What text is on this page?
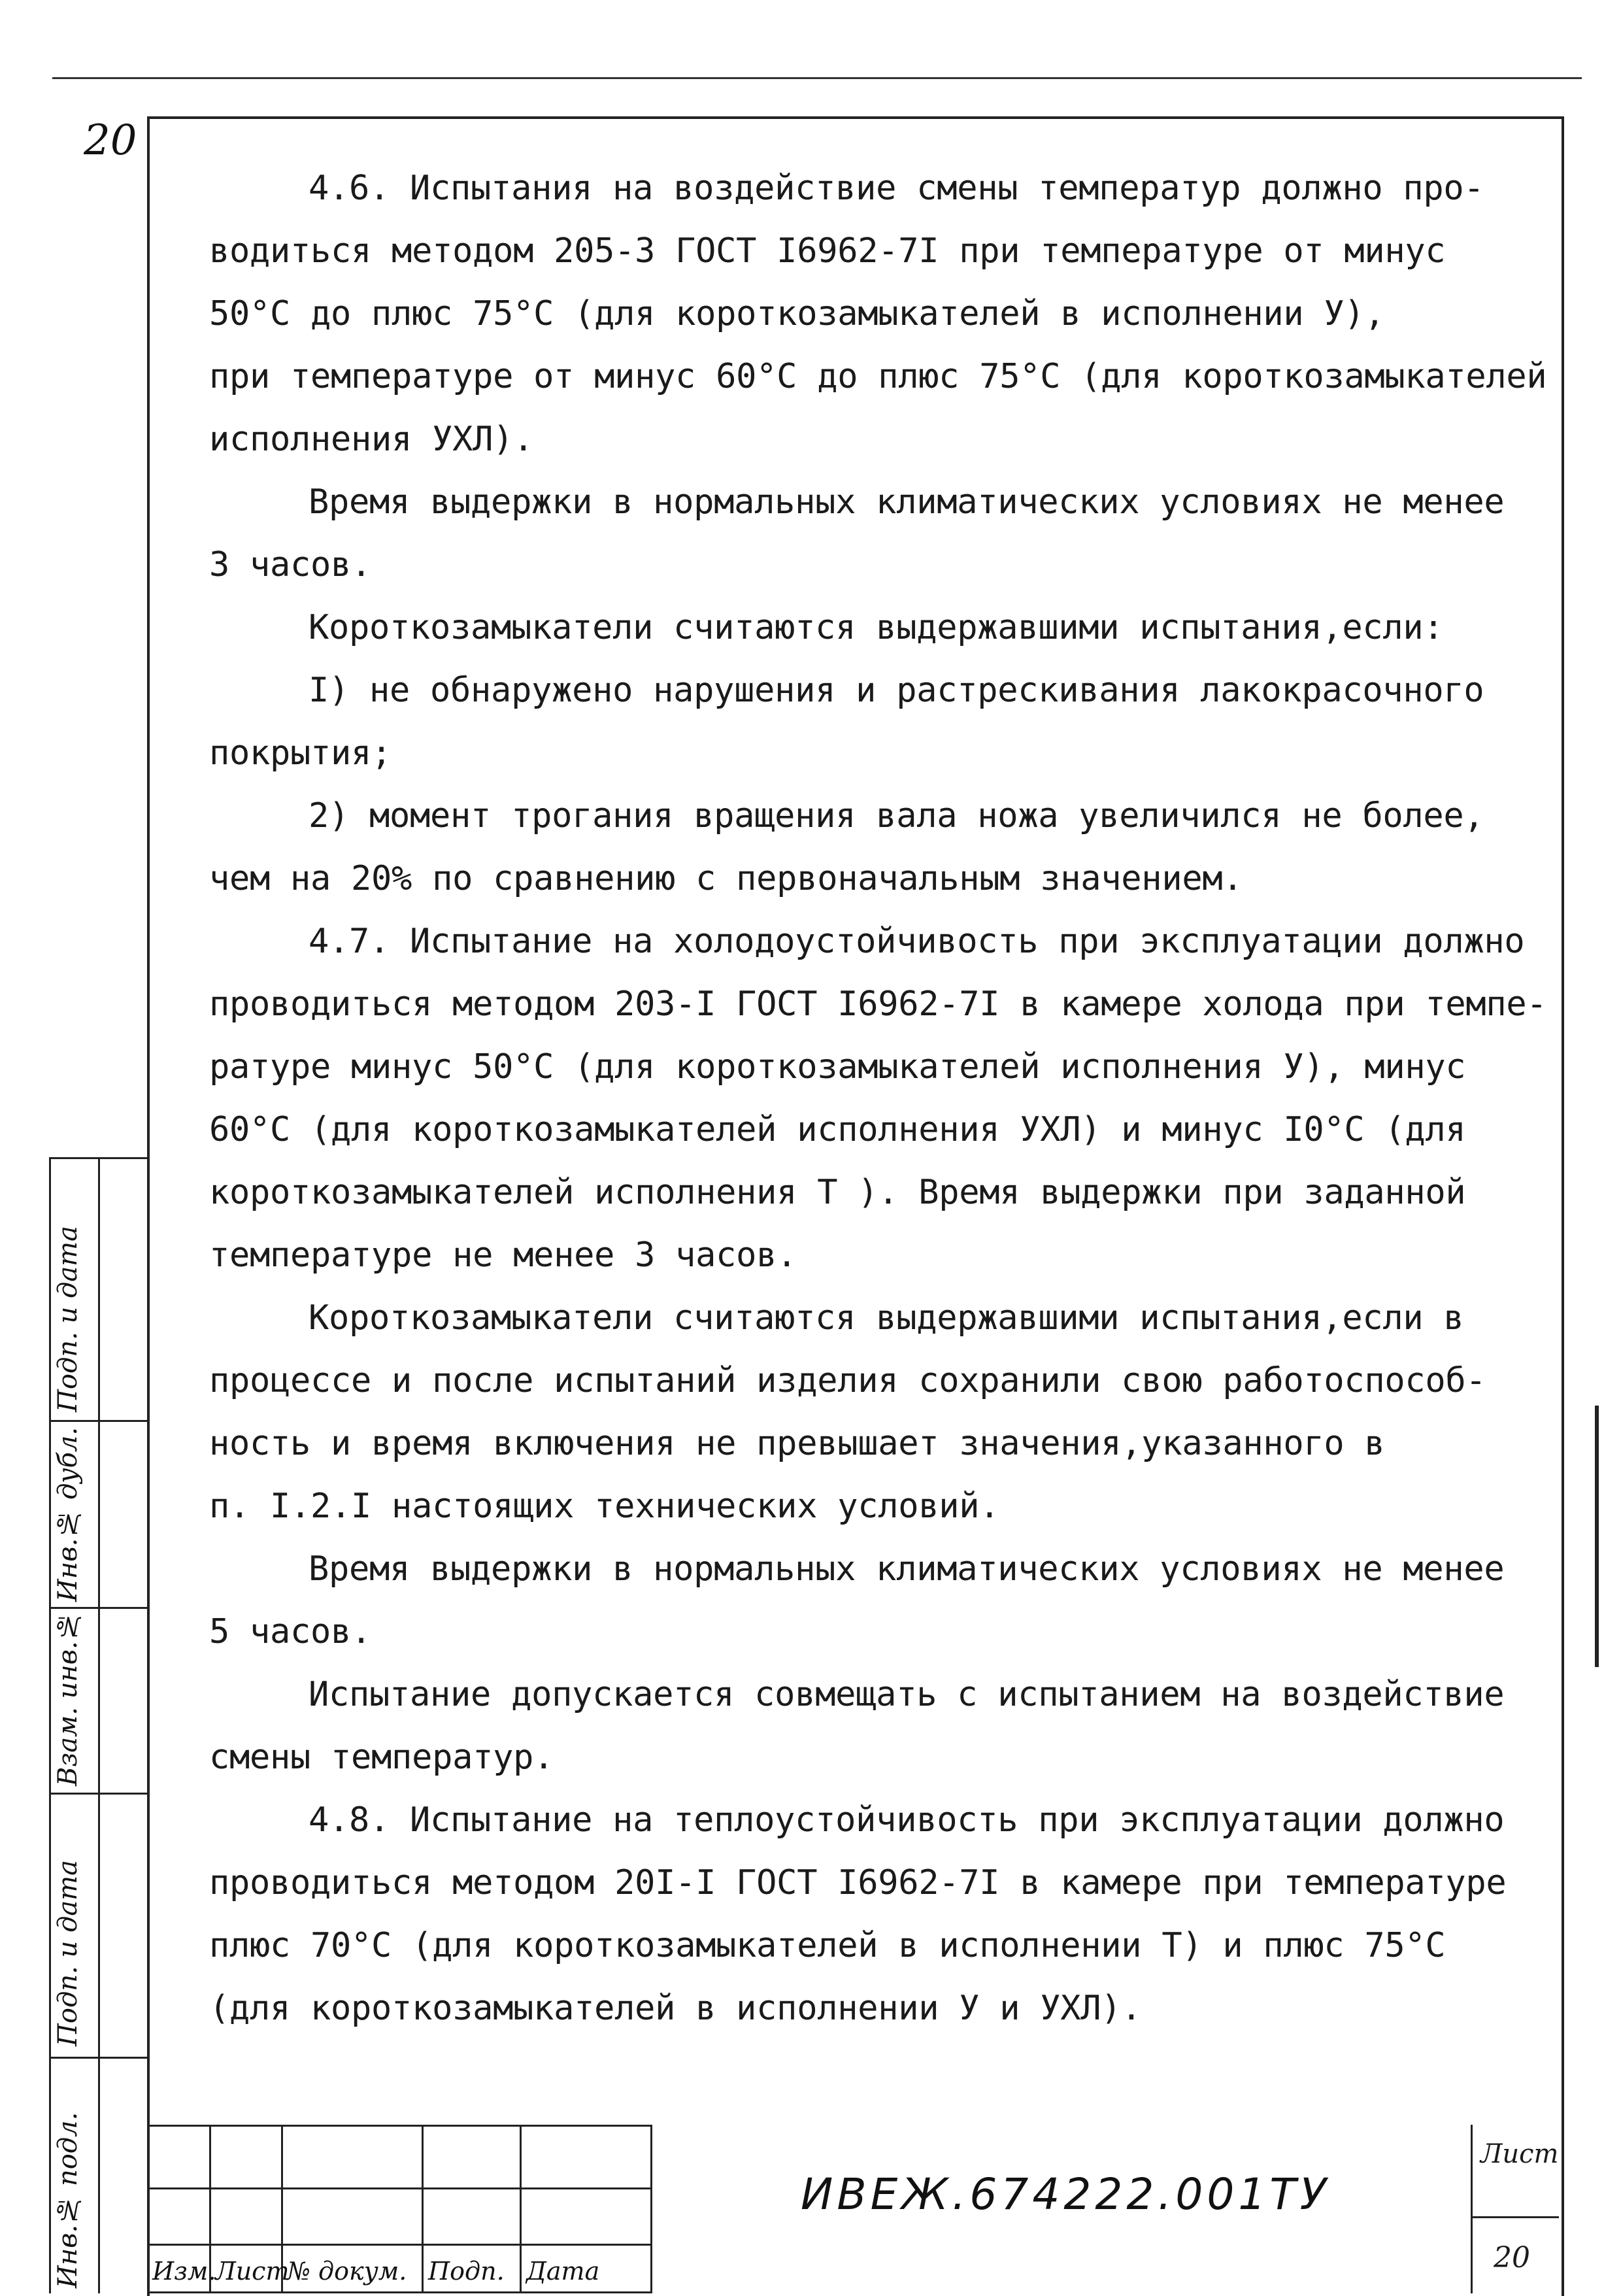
20

4.6. Испытания на воздействие смены температур должно про-

водиться методом 205-3 ГОСТ I6962-7I при температуре от минус

50°С до плюс 75°С (для короткозамыкателей в исполнении У),

при температуре от минус 60°С до плюс 75°С (для короткозамыкателей

исполнения УХЛ).

Время выдержки в нормальных климатических условиях не менее

3 часов.

Короткозамыкатели считаются выдержавшими испытания,если:

I) не обнаружено нарушения и растрескивания лакокрасочного

покрытия;

2) момент трогания вращения вала ножа увеличился не более,

чем на 20% по сравнению с первоначальным значением.

4.7. Испытание на холодоустойчивость при эксплуатации должно

проводиться методом 203-I ГОСТ I6962-7I в камере холода при темпе-

ратуре минус 50°С (для короткозамыкателей исполнения У), минус

60°С (для короткозамыкателей исполнения УХЛ) и минус I0°С (для

короткозамыкателей исполнения Т ). Время выдержки при заданной

температуре не менее 3 часов.

Короткозамыкатели считаются выдержавшими испытания,если в

процессе и после испытаний изделия сохранили свою работоспособ-

ность и время включения не превышает значения,указанного в

п. I.2.I настоящих технических условий.

Время выдержки в нормальных климатических условиях не менее

5 часов.

Испытание допускается совмещать с испытанием на воздействие

смены температур.

4.8. Испытание на теплоустойчивость при эксплуатации должно

проводиться методом 20I-I ГОСТ I6962-7I в камере при температуре

плюс 70°С (для короткозамыкателей в исполнении Т) и плюс 75°С

(для короткозамыкателей в исполнении У и УХЛ).

Подп. и дата
Инв.№ дубл.
Взам. инв.№
Подп. и дата
Инв.№ подл.	Изм.
Лист
№ докум. Подп. Дата
ИВЕЖ.674222.001ТУ
Лист
20
